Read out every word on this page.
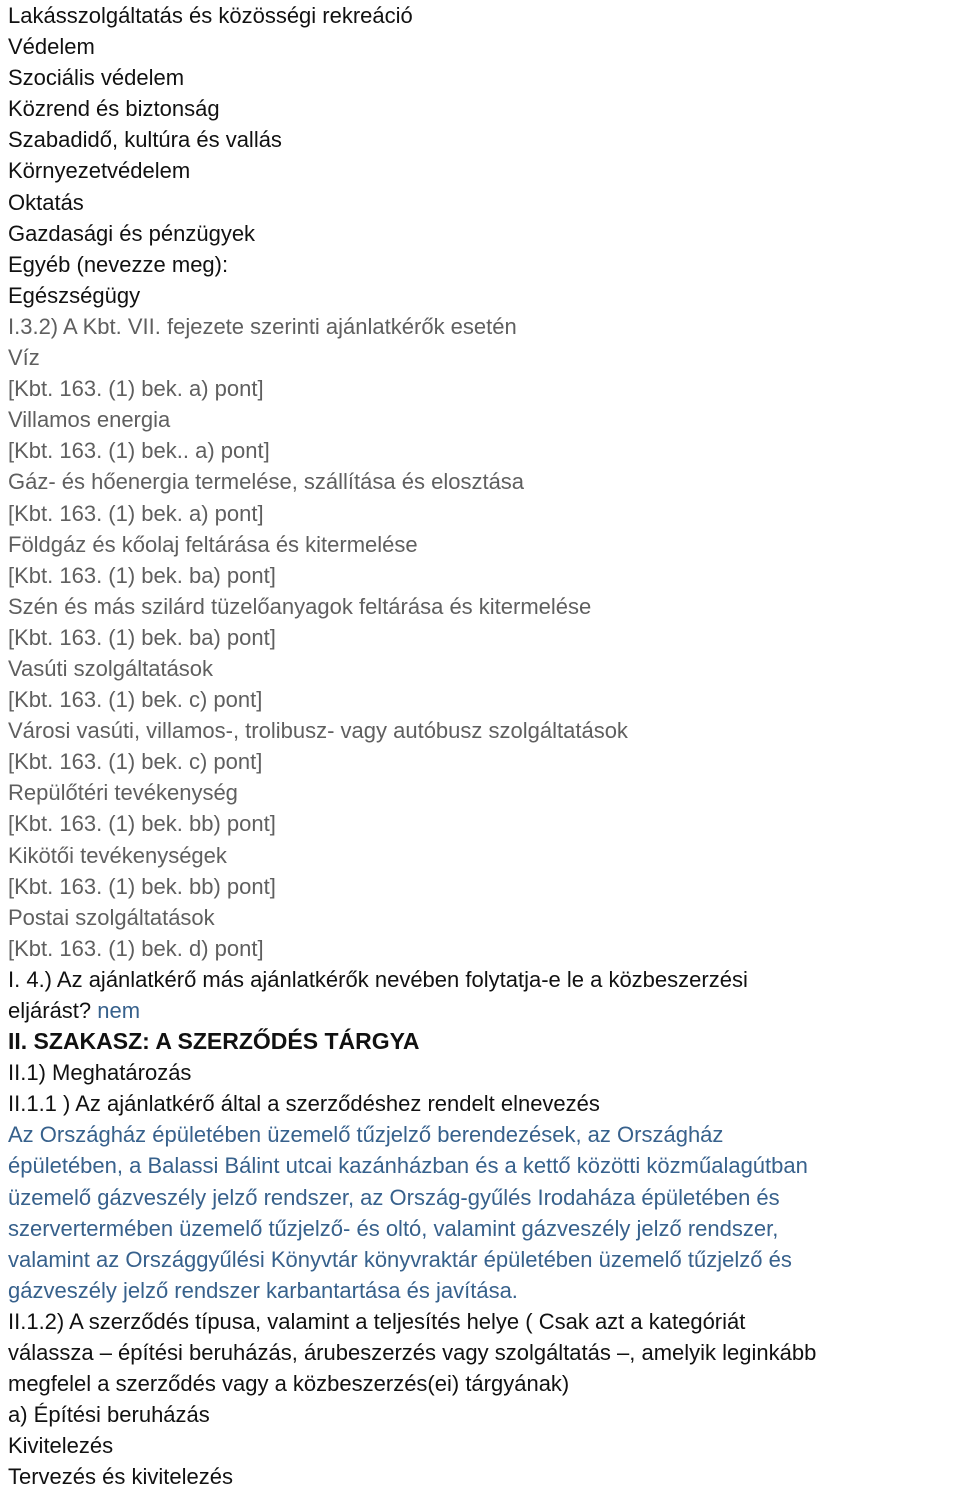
Lakásszolgáltatás és közösségi rekreáció
Védelem
Szociális védelem
Közrend és biztonság
Szabadidő, kultúra és vallás
Környezetvédelem
Oktatás
Gazdasági és pénzügyek
Egyéb (nevezze meg):
Egészségügy
I.3.2) A Kbt. VII. fejezete szerinti ajánlatkérők esetén
Víz
[Kbt. 163. (1) bek. a) pont]
Villamos energia
[Kbt. 163. (1) bek.. a) pont]
Gáz- és hőenergia termelése, szállítása és elosztása
[Kbt. 163. (1) bek. a) pont]
Földgáz és kőolaj feltárása és kitermelése
[Kbt. 163. (1) bek. ba) pont]
Szén és más szilárd tüzelőanyagok feltárása és kitermelése
[Kbt. 163. (1) bek. ba) pont]
Vasúti szolgáltatások
[Kbt. 163. (1) bek. c) pont]
Városi vasúti, villamos-, trolibusz- vagy autóbusz szolgáltatások
[Kbt. 163. (1) bek. c) pont]
Repülőtéri tevékenység
[Kbt. 163. (1) bek. bb) pont]
Kikötői tevékenységek
[Kbt. 163. (1) bek. bb) pont]
Postai szolgáltatások
[Kbt. 163. (1) bek. d) pont]
I. 4.) Az ajánlatkérő más ajánlatkérők nevében folytatja-e le a közbeszerzési
eljárást? nem
II. SZAKASZ: A SZERZŐDÉS TÁRGYA
II.1) Meghatározás
II.1.1 ) Az ajánlatkérő által a szerződéshez rendelt elnevezés
Az Országház épületében üzemelő tűzjelző berendezések, az Országház
épületében, a Balassi Bálint utcai kazánházban és a kettő közötti közműalagútban
üzemelő gázveszély jelző rendszer, az Ország-gyűlés Irodaháza épületében és
szervertermében üzemelő tűzjelző- és oltó, valamint gázveszély jelző rendszer,
valamint az Országgyűlési Könyvtár könyvraktár épületében üzemelő tűzjelző és
gázveszély jelző rendszer karbantartása és javítása.
II.1.2) A szerződés típusa, valamint a teljesítés helye ( Csak azt a kategóriát
válassza – építési beruházás, árubeszerzés vagy szolgáltatás –, amelyik leginkább
megfelel a szerződés vagy a közbeszerzés(ei) tárgyának)
a) Építési beruházás
Kivitelezés
Tervezés és kivitelezés
